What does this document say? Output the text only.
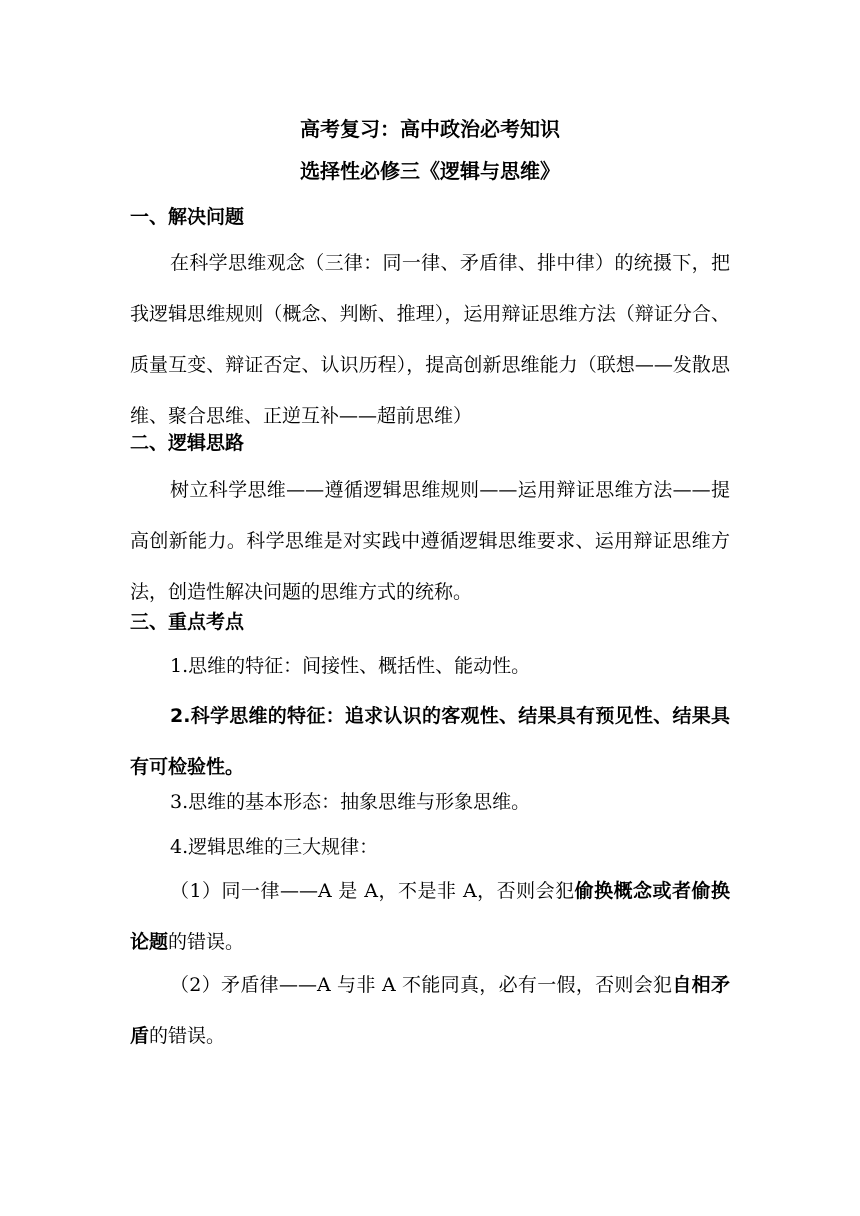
高考复习：高中政治必考知识
选择性必修三《逻辑与思维》
一、解决问题
在科学思维观念（三律：同一律、矛盾律、排中律）的统摄下，把我逻辑思维规则（概念、判断、推理），运用辩证思维方法（辩证分合、质量互变、辩证否定、认识历程），提高创新思维能力（联想——发散思维、聚合思维、正逆互补——超前思维）
二、逻辑思路
树立科学思维——遵循逻辑思维规则——运用辩证思维方法——提高创新能力。科学思维是对实践中遵循逻辑思维要求、运用辩证思维方法，创造性解决问题的思维方式的统称。
三、重点考点
1.思维的特征：间接性、概括性、能动性。
2.科学思维的特征：追求认识的客观性、结果具有预见性、结果具有可检验性。
3.思维的基本形态：抽象思维与形象思维。
4.逻辑思维的三大规律：
（1）同一律——A 是 A，不是非 A，否则会犯偷换概念或者偷换论题的错误。
（2）矛盾律——A 与非 A 不能同真，必有一假，否则会犯自相矛盾的错误。
